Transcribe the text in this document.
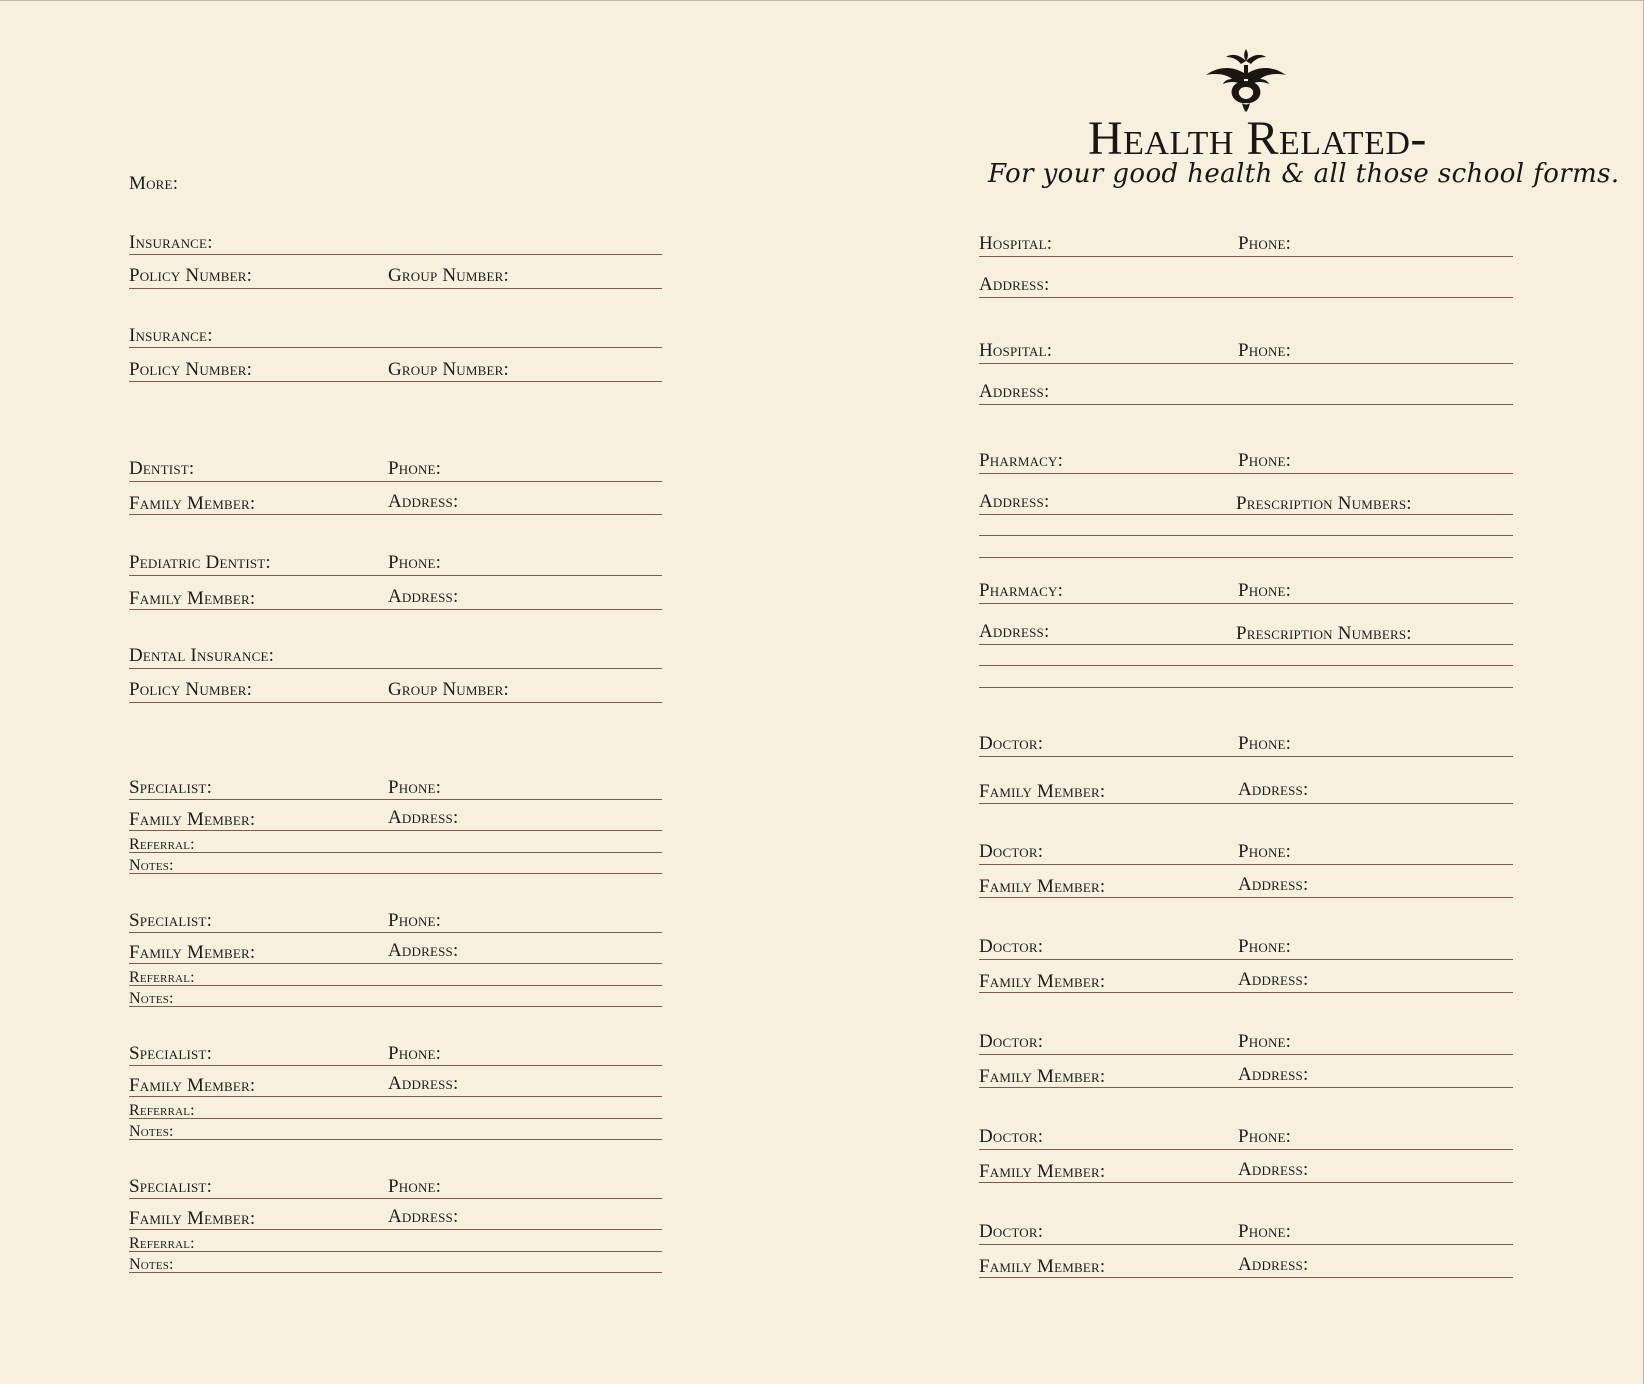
Health Related-
For your good health & all those school forms.
More:
Insurance:
Policy Number:	Group Number:
Insurance:
Policy Number:	Group Number:
Dentist:	Phone:
Family Member:	Address:
Pediatric Dentist:	Phone:
Family Member:	Address:
Dental Insurance:
Policy Number:	Group Number:
Specialist:	Phone:
Family Member:	Address:
Referral:
Notes:
Specialist:	Phone:
Family Member:	Address:
Referral:
Notes:
Specialist:	Phone:
Family Member:	Address:
Referral:
Notes:
Specialist:	Phone:
Family Member:	Address:
Referral:
Notes:
Hospital:	Phone:
Address:
Hospital:	Phone:
Address:
Pharmacy:	Phone:
Address:	Prescription Numbers:
Pharmacy:	Phone:
Address:	Prescription Numbers:
Doctor:	Phone:
Family Member:	Address:
Doctor:	Phone:
Family Member:	Address:
Doctor:	Phone:
Family Member:	Address:
Doctor:	Phone:
Family Member:	Address:
Doctor:	Phone:
Family Member:	Address:
Doctor:	Phone:
Family Member:	Address:
